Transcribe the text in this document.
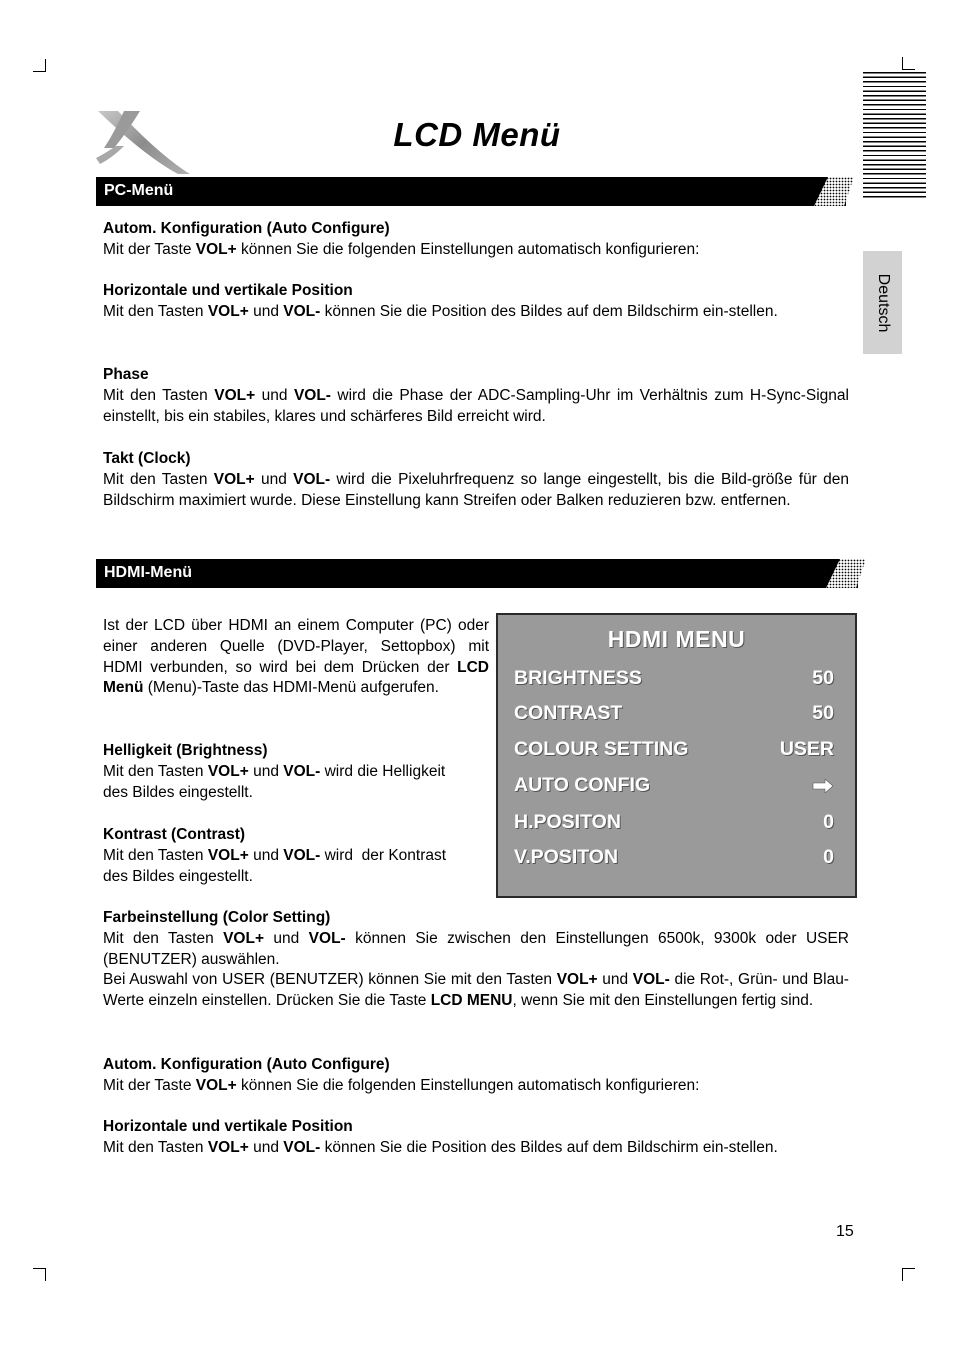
LCD Menü
Deutsch
PC-Menü

Autom. Konfiguration (Auto Configure)

Mit der Taste VOL+ können Sie die folgenden Einstellungen automatisch konfigurieren:

Horizontale und vertikale Position

Mit den Tasten VOL+ und VOL- können Sie die Position des Bildes auf dem Bildschirm ein-stellen.

Phase

Mit den Tasten VOL+ und VOL- wird die Phase der ADC-Sampling-Uhr im Verhältnis zum H-Sync-Signal einstellt, bis ein stabiles, klares und schärferes Bild erreicht wird.

Takt (Clock)

Mit den Tasten VOL+ und VOL- wird die Pixeluhrfrequenz so lange eingestellt, bis die Bild-größe für den Bildschirm maximiert wurde. Diese Einstellung kann Streifen oder Balken reduzieren bzw. entfernen.

HDMI-Menü

Ist der LCD über HDMI an einem Computer (PC) oder einer anderen Quelle (DVD-Player, Settopbox) mit HDMI verbunden, so wird bei dem Drücken der LCD Menü (Menu)-Taste das HDMI-Menü aufgerufen.

Helligkeit (Brightness)

Mit den Tasten VOL+ und VOL- wird die Helligkeit des Bildes eingestellt.

Kontrast (Contrast)

Mit den Tasten VOL+ und VOL- wird  der Kontrast des Bildes eingestellt.

HDMI MENU
BRIGHTNESS	50
CONTRAST	50
COLOUR SETTING	USER
AUTO CONFIG
H.POSITON	0
V.POSITON	0

Farbeinstellung (Color Setting)

Mit den Tasten VOL+ und VOL- können Sie zwischen den Einstellungen 6500k, 9300k oder USER (BENUTZER) auswählen.

Bei Auswahl von USER (BENUTZER) können Sie mit den Tasten VOL+ und VOL- die Rot-, Grün- und Blau-Werte einzeln einstellen. Drücken Sie die Taste LCD MENU, wenn Sie mit den Einstellungen fertig sind.

Autom. Konfiguration (Auto Configure)

Mit der Taste VOL+ können Sie die folgenden Einstellungen automatisch konfigurieren:

Horizontale und vertikale Position

Mit den Tasten VOL+ und VOL- können Sie die Position des Bildes auf dem Bildschirm ein-stellen.

15
